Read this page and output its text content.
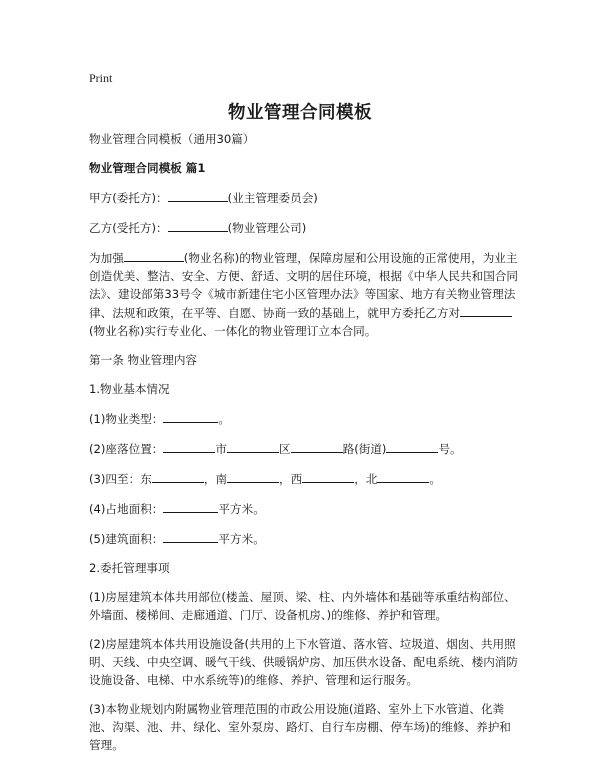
Print
物业管理合同模板

物业管理合同模板（通用30篇）

物业管理合同模板 篇1

甲方(委托方)：	(业主管理委员会)

乙方(受托方)：	(物业管理公司)

为加强	(物业名称)的物业管理，保障房屋和公用设施的正常使用，为业主创造优美、整洁、安全、方便、舒适、文明的居住环境，根据《中华人民共和国合同法》、建设部第33号令《城市新建住宅小区管理办法》等国家、地方有关物业管理法律、法规和政策，在平等、自愿、协商一致的基础上，就甲方委托乙方对(物业名称)实行专业化、一体化的物业管理订立本合同。

第一条 物业管理内容

1.物业基本情况

(1)物业类型：	。

(2)座落位置：	市	区	路(街道)	号。

(3)四至：东	，南	，西	，北	。

(4)占地面积：	平方米。

(5)建筑面积：	平方米。

2.委托管理事项

(1)房屋建筑本体共用部位(楼盖、屋顶、梁、柱、内外墙体和基础等承重结构部位、外墙面、楼梯间、走廊通道、门厅、设备机房、)的维修、养护和管理。

(2)房屋建筑本体共用设施设备(共用的上下水管道、落水管、垃圾道、烟囱、共用照明、天线、中央空调、暖气干线、供暖锅炉房、加压供水设备、配电系统、楼内消防设施设备、电梯、中水系统等)的维修、养护、管理和运行服务。

(3)本物业规划内附属物业管理范围的市政公用设施(道路、室外上下水管道、化粪池、沟渠、池、井、绿化、室外泵房、路灯、自行车房棚、停车场)的维修、养护和管理。
